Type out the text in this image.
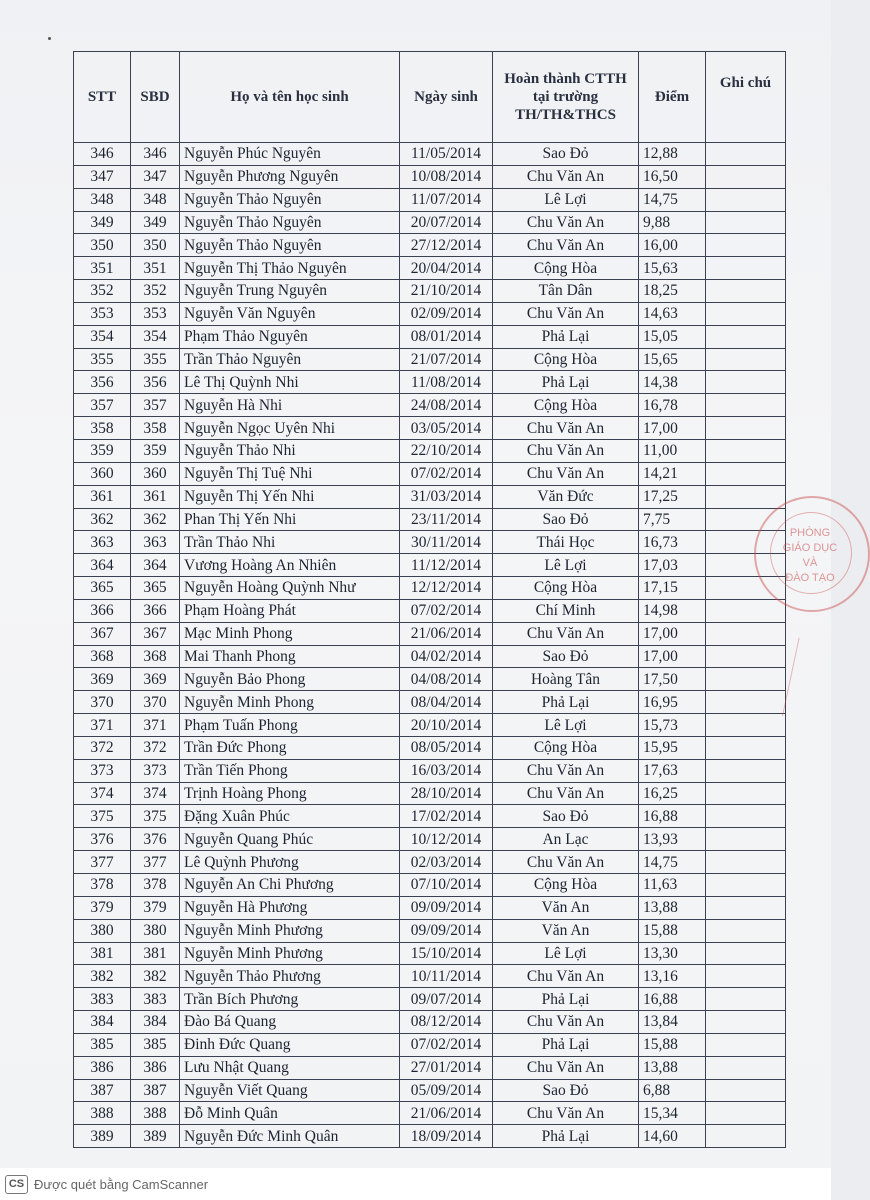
STT	SBD	Họ và tên học sinh	Ngày sinh	Hoàn thành CTTH
tại trường
TH/TH&THCS	Điểm	Ghi chú
346	346	Nguyễn Phúc Nguyên	11/05/2014	Sao Đỏ	12,88	
347	347	Nguyễn Phương Nguyên	10/08/2014	Chu Văn An	16,50	
348	348	Nguyễn Thảo Nguyên	11/07/2014	Lê Lợi	14,75	
349	349	Nguyễn Thảo Nguyên	20/07/2014	Chu Văn An	9,88	
350	350	Nguyễn Thảo Nguyên	27/12/2014	Chu Văn An	16,00	
351	351	Nguyễn Thị Thảo Nguyên	20/04/2014	Cộng Hòa	15,63	
352	352	Nguyễn Trung Nguyên	21/10/2014	Tân Dân	18,25	
353	353	Nguyễn Văn Nguyên	02/09/2014	Chu Văn An	14,63	
354	354	Phạm Thảo Nguyên	08/01/2014	Phả Lại	15,05	
355	355	Trần Thảo Nguyên	21/07/2014	Cộng Hòa	15,65	
356	356	Lê Thị Quỳnh Nhi	11/08/2014	Phả Lại	14,38	
357	357	Nguyễn Hà Nhi	24/08/2014	Cộng Hòa	16,78	
358	358	Nguyễn Ngọc Uyên Nhi	03/05/2014	Chu Văn An	17,00	
359	359	Nguyễn Thảo Nhi	22/10/2014	Chu Văn An	11,00	
360	360	Nguyễn Thị Tuệ Nhi	07/02/2014	Chu Văn An	14,21	
361	361	Nguyễn Thị Yến Nhi	31/03/2014	Văn Đức	17,25	
362	362	Phan Thị Yến Nhi	23/11/2014	Sao Đỏ	7,75	
363	363	Trần Thảo Nhi	30/11/2014	Thái Học	16,73	
364	364	Vương Hoàng An Nhiên	11/12/2014	Lê Lợi	17,03	
365	365	Nguyễn Hoàng Quỳnh Như	12/12/2014	Cộng Hòa	17,15	
366	366	Phạm Hoàng Phát	07/02/2014	Chí Minh	14,98	
367	367	Mạc Minh Phong	21/06/2014	Chu Văn An	17,00	
368	368	Mai Thanh Phong	04/02/2014	Sao Đỏ	17,00	
369	369	Nguyễn Bảo Phong	04/08/2014	Hoàng Tân	17,50	
370	370	Nguyễn Minh Phong	08/04/2014	Phả Lại	16,95	
371	371	Phạm Tuấn Phong	20/10/2014	Lê Lợi	15,73	
372	372	Trần Đức Phong	08/05/2014	Cộng Hòa	15,95	
373	373	Trần Tiến Phong	16/03/2014	Chu Văn An	17,63	
374	374	Trịnh Hoàng Phong	28/10/2014	Chu Văn An	16,25	
375	375	Đặng Xuân Phúc	17/02/2014	Sao Đỏ	16,88	
376	376	Nguyễn Quang Phúc	10/12/2014	An Lạc	13,93	
377	377	Lê Quỳnh Phương	02/03/2014	Chu Văn An	14,75	
378	378	Nguyễn An Chi Phương	07/10/2014	Cộng Hòa	11,63	
379	379	Nguyễn Hà Phương	09/09/2014	Văn An	13,88	
380	380	Nguyễn Minh Phương	09/09/2014	Văn An	15,88	
381	381	Nguyễn Minh Phương	15/10/2014	Lê Lợi	13,30	
382	382	Nguyễn Thảo Phương	10/11/2014	Chu Văn An	13,16	
383	383	Trần Bích Phương	09/07/2014	Phả Lại	16,88	
384	384	Đào Bá Quang	08/12/2014	Chu Văn An	13,84	
385	385	Đinh Đức Quang	07/02/2014	Phả Lại	15,88	
386	386	Lưu Nhật Quang	27/01/2014	Chu Văn An	13,88	
387	387	Nguyễn Viết Quang	05/09/2014	Sao Đỏ	6,88	
388	388	Đỗ Minh Quân	21/06/2014	Chu Văn An	15,34	
389	389	Nguyễn Đức Minh Quân	18/09/2014	Phả Lại	14,60	
PHÒNG
GIÁO DỤC
VÀ
ĐÀO TẠO
CS Được quét bằng CamScanner
